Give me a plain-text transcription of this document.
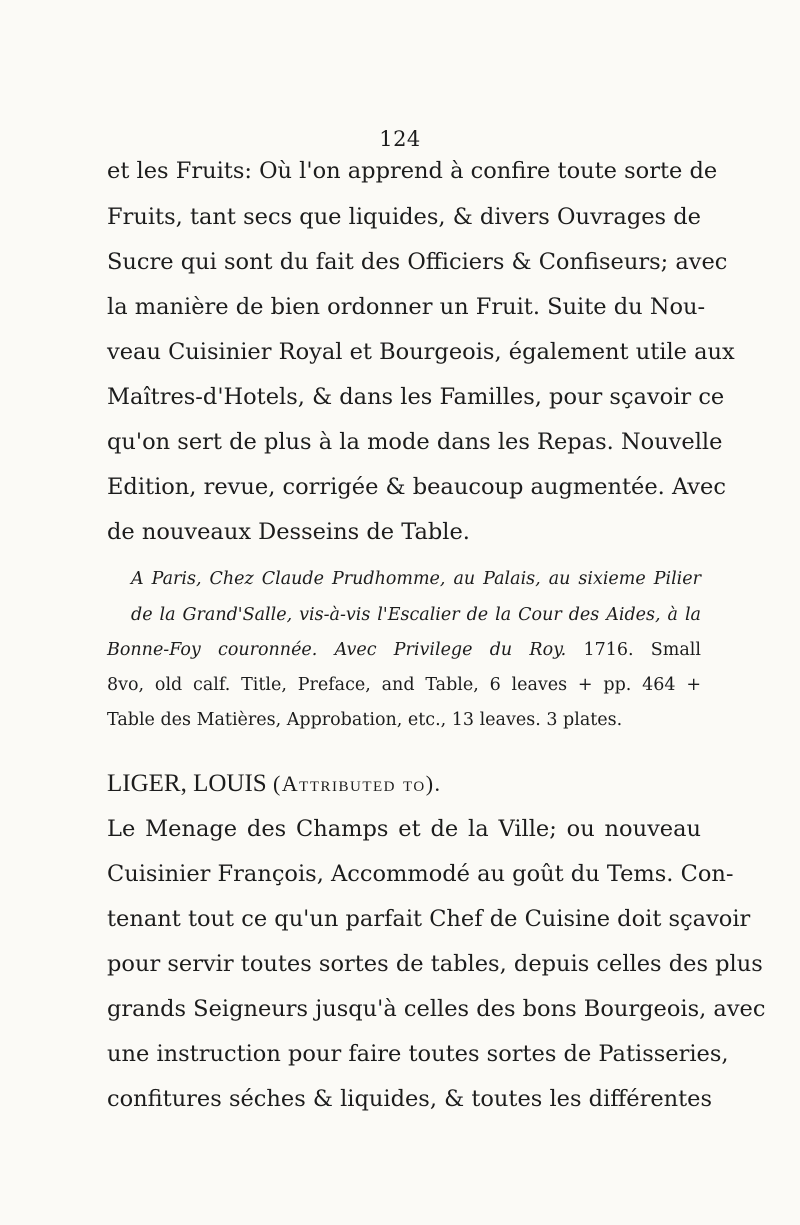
124
et les Fruits: Où l'on apprend à confire toute sorte de
Fruits, tant secs que liquides, & divers Ouvrages de
Sucre qui sont du fait des Officiers & Confiseurs; avec
la manière de bien ordonner un Fruit. Suite du Nou-
veau Cuisinier Royal et Bourgeois, également utile aux
Maîtres-d'Hotels, & dans les Familles, pour sçavoir ce
qu'on sert de plus à la mode dans les Repas. Nouvelle
Edition, revue, corrigée & beaucoup augmentée. Avec
de nouveaux Desseins de Table.
A Paris, Chez Claude Prudhomme, au Palais, au sixieme Pilier
de la Grand'Salle, vis-à-vis l'Escalier de la Cour des Aides, à la
Bonne-Foy couronnée. Avec Privilege du Roy. 1716. Small
8vo, old calf. Title, Preface, and Table, 6 leaves + pp. 464 +
Table des Matières, Approbation, etc., 13 leaves. 3 plates.
LIGER, LOUIS (Attributed to).
Le Menage des Champs et de la Ville; ou nouveau
Cuisinier François, Accommodé au goût du Tems. Con-
tenant tout ce qu'un parfait Chef de Cuisine doit sçavoir
pour servir toutes sortes de tables, depuis celles des plus
grands Seigneurs jusqu'à celles des bons Bourgeois, avec
une instruction pour faire toutes sortes de Patisseries,
confitures séches & liquides, & toutes les différentes
